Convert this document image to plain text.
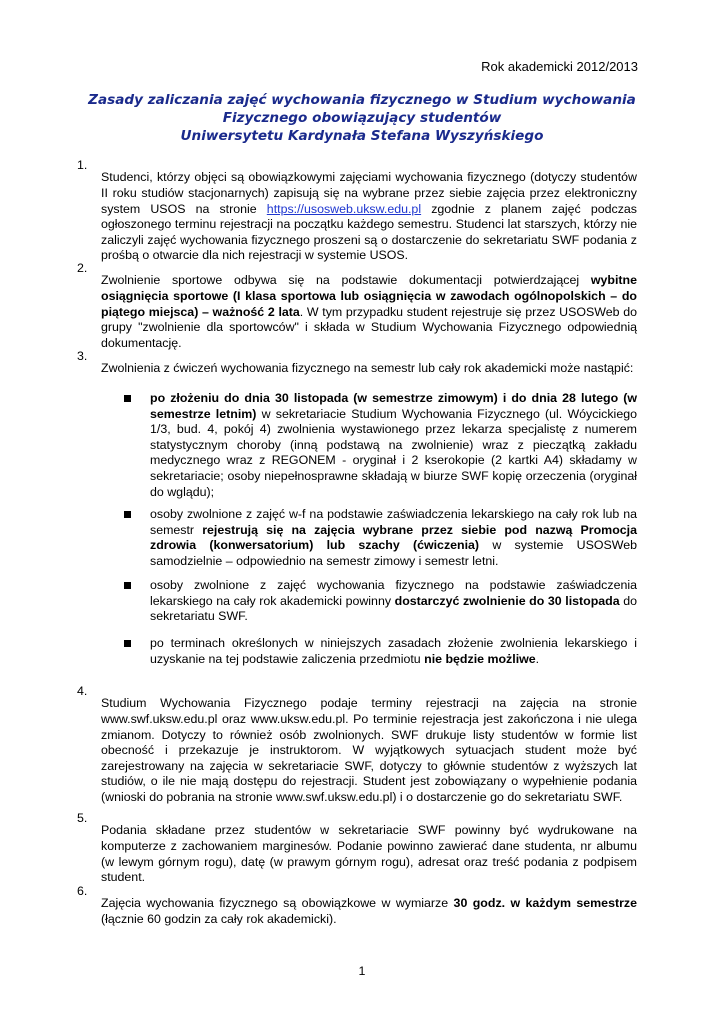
Rok akademicki 2012/2013
Zasady zaliczania zajęć wychowania fizycznego w Studium wychowania
Fizycznego obowiązujący studentów
Uniwersytetu Kardynała Stefana Wyszyńskiego
1.

Studenci, którzy objęci są obowiązkowymi zajęciami wychowania fizycznego (dotyczy studentów II roku studiów stacjonarnych) zapisują się na wybrane przez siebie zajęcia przez elektroniczny system USOS na stronie https://usosweb.uksw.edu.pl zgodnie z planem zajęć podczas ogłoszonego terminu rejestracji na początku każdego semestru. Studenci lat starszych, którzy nie zaliczyli zajęć wychowania fizycznego proszeni są o dostarczenie do sekretariatu SWF podania z prośbą o otwarcie dla nich rejestracji w systemie USOS.

2.

Zwolnienie sportowe odbywa się na podstawie dokumentacji potwierdzającej wybitne osiągnięcia sportowe (I klasa sportowa lub osiągnięcia w zawodach ogólnopolskich – do piątego miejsca) – ważność 2 lata. W tym przypadku student rejestruje się przez USOSWeb do grupy "zwolnienie dla sportowców" i składa w Studium Wychowania Fizycznego odpowiednią dokumentację.

3.

Zwolnienia z ćwiczeń wychowania fizycznego na semestr lub cały rok akademicki może nastąpić:

po złożeniu do dnia 30 listopada (w semestrze zimowym) i do dnia 28 lutego (w semestrze letnim) w sekretariacie Studium Wychowania Fizycznego (ul. Wóycickiego 1/3, bud. 4, pokój 4) zwolnienia wystawionego przez lekarza specjalistę z numerem statystycznym choroby (inną podstawą na zwolnienie) wraz z pieczątką zakładu medycznego wraz z REGONEM - oryginał i 2 kserokopie (2 kartki A4) składamy w sekretariacie; osoby niepełnosprawne składają w biurze SWF kopię orzeczenia (oryginał do wglądu);
osoby zwolnione z zajęć w-f na podstawie zaświadczenia lekarskiego na cały rok lub na semestr rejestrują się na zajęcia wybrane przez siebie pod nazwą Promocja zdrowia (konwersatorium) lub szachy (ćwiczenia) w systemie USOSWeb samodzielnie – odpowiednio na semestr zimowy i semestr letni.
osoby zwolnione z zajęć wychowania fizycznego na podstawie zaświadczenia lekarskiego na cały rok akademicki powinny dostarczyć zwolnienie do 30 listopada do sekretariatu SWF.
po terminach określonych w niniejszych zasadach złożenie zwolnienia lekarskiego i uzyskanie na tej podstawie zaliczenia przedmiotu nie będzie możliwe.
4.

Studium Wychowania Fizycznego podaje terminy rejestracji na zajęcia na stronie www.swf.uksw.edu.pl oraz www.uksw.edu.pl. Po terminie rejestracja jest zakończona i nie ulega zmianom. Dotyczy to również osób zwolnionych. SWF drukuje listy studentów w formie list obecność i przekazuje je instruktorom. W wyjątkowych sytuacjach student może być zarejestrowany na zajęcia w sekretariacie SWF, dotyczy to głównie studentów z wyższych lat studiów, o ile nie mają dostępu do rejestracji. Student jest zobowiązany o wypełnienie podania (wnioski do pobrania na stronie www.swf.uksw.edu.pl) i o dostarczenie go do sekretariatu SWF.

5.

Podania składane przez studentów w sekretariacie SWF powinny być wydrukowane na komputerze z zachowaniem marginesów. Podanie powinno zawierać dane studenta, nr albumu (w lewym górnym rogu), datę (w prawym górnym rogu), adresat oraz treść podania z podpisem student.

6.

Zajęcia wychowania fizycznego są obowiązkowe w wymiarze 30 godz. w każdym semestrze (łącznie 60 godzin za cały rok akademicki).

1
